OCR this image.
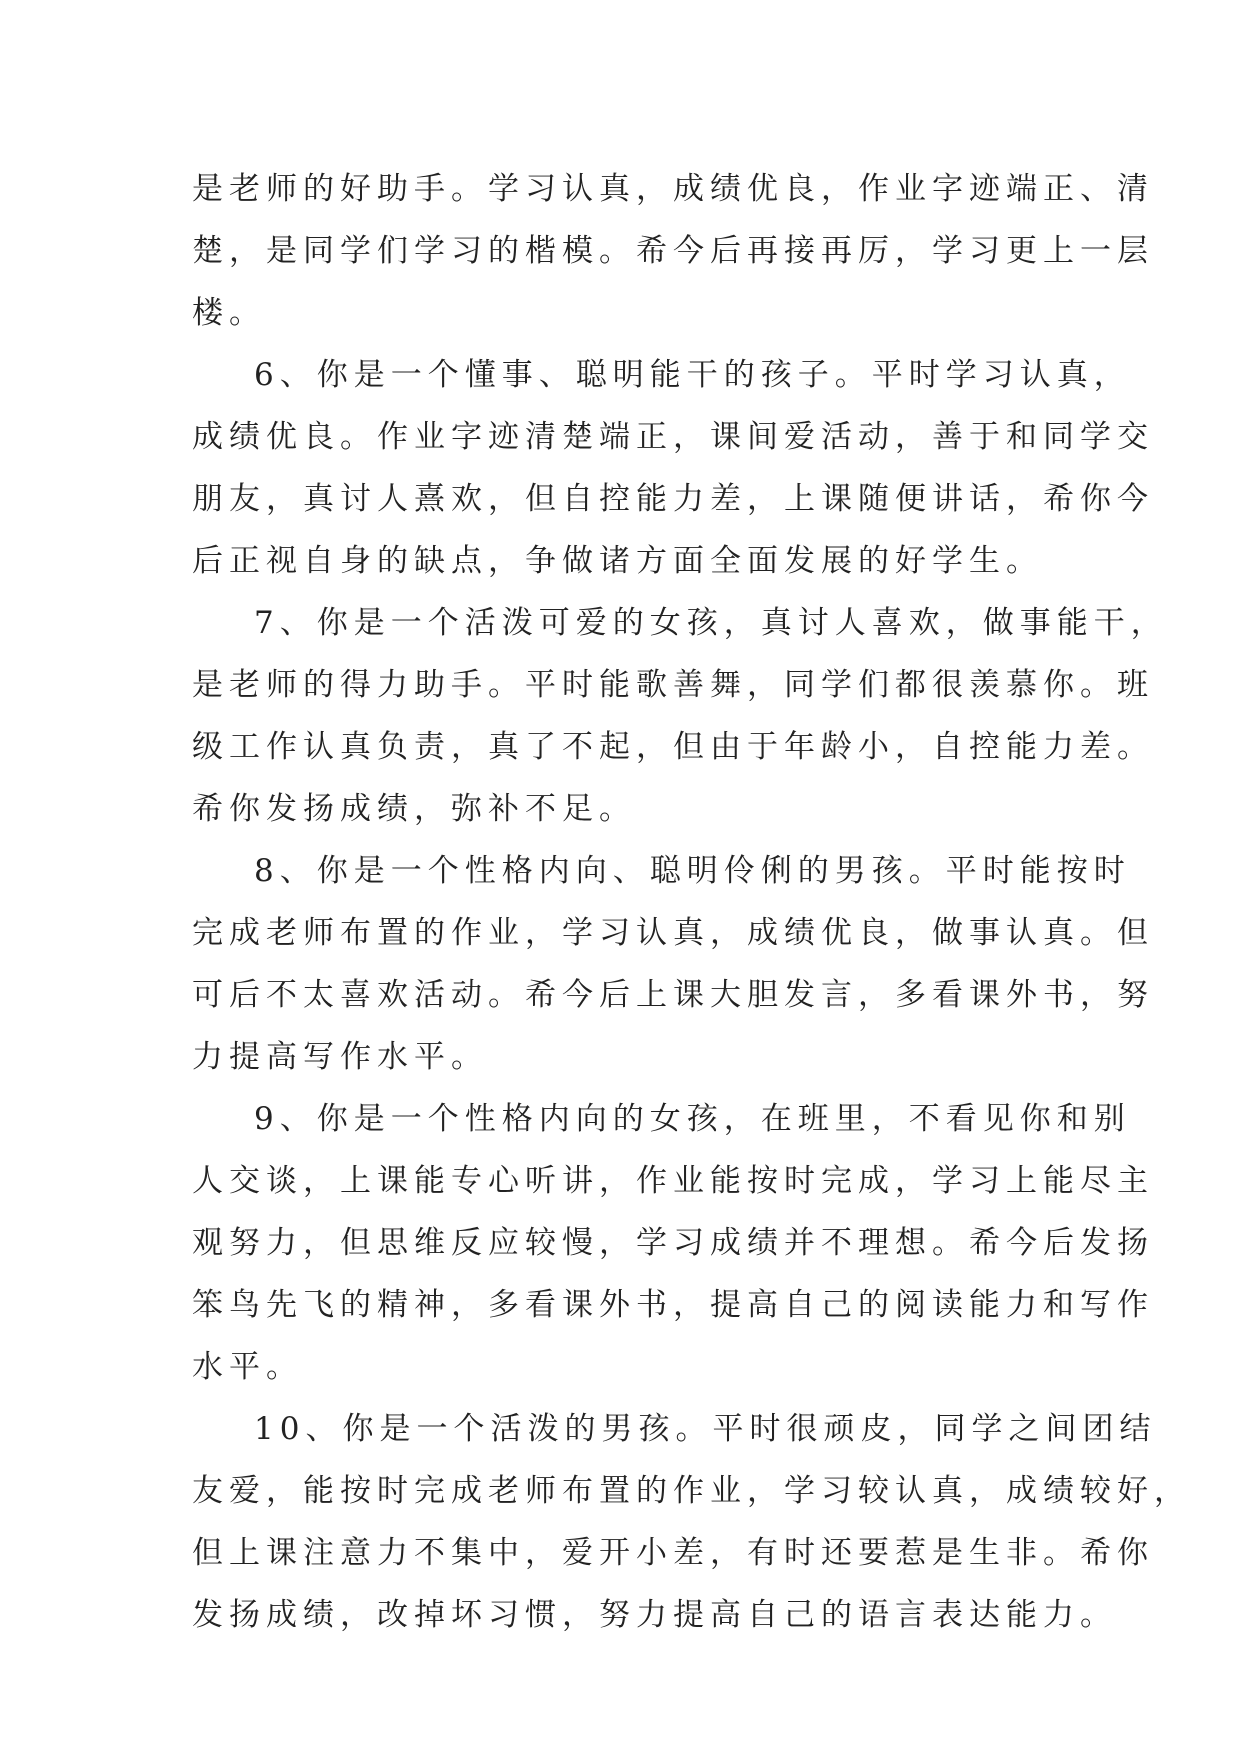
是老师的好助手。学习认真，成绩优良，作业字迹端正、清
楚，是同学们学习的楷模。希今后再接再厉，学习更上一层
楼。
6、你是一个懂事、聪明能干的孩子。平时学习认真，
成绩优良。作业字迹清楚端正，课间爱活动，善于和同学交
朋友，真讨人熹欢，但自控能力差，上课随便讲话，希你今
后正视自身的缺点，争做诸方面全面发展的好学生。
7、你是一个活泼可爱的女孩，真讨人喜欢，做事能干，
是老师的得力助手。平时能歌善舞，同学们都很羡慕你。班
级工作认真负责，真了不起，但由于年龄小，自控能力差。
希你发扬成绩，弥补不足。
8、你是一个性格内向、聪明伶俐的男孩。平时能按时
完成老师布置的作业，学习认真，成绩优良，做事认真。但
可后不太喜欢活动。希今后上课大胆发言，多看课外书，努
力提高写作水平。
9、你是一个性格内向的女孩，在班里，不看见你和别
人交谈，上课能专心听讲，作业能按时完成，学习上能尽主
观努力，但思维反应较慢，学习成绩并不理想。希今后发扬
笨鸟先飞的精神，多看课外书，提高自己的阅读能力和写作
水平。
10、你是一个活泼的男孩。平时很顽皮，同学之间团结
友爱，能按时完成老师布置的作业，学习较认真，成绩较好，
但上课注意力不集中，爱开小差，有时还要惹是生非。希你
发扬成绩，改掉坏习惯，努力提高自己的语言表达能力。
